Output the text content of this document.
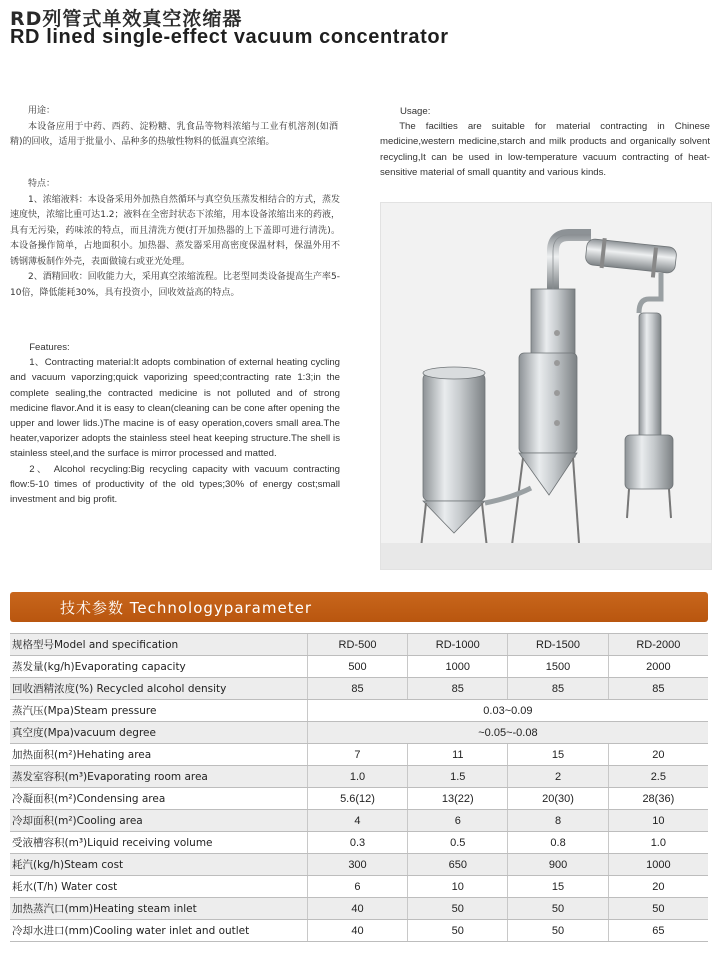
RD列管式单效真空浓缩器
RD lined single-effect vacuum concentrator

用途：

本设备应用于中药、西药、淀粉糖、乳食品等物料浓缩与工业有机溶剂(如酒精)的回收，适用于批量小、品种多的热敏性物料的低温真空浓缩。

特点：

1、浓缩液料：本设备采用外加热自然循环与真空负压蒸发相结合的方式，蒸发速度快，浓缩比重可达1.2；液料在全密封状态下浓缩，用本设备浓缩出来的药液，具有无污染，药味浓的特点，而且清洗方便(打开加热器的上下盖即可进行清洗)。本设备操作简单，占地面积小。加热器、蒸发器采用高密度保温材料，保温外用不锈钢薄板制作外壳，表面做镜右或亚光处理。

2、酒精回收：回收能力大，采用真空浓缩流程。比老型同类设备提高生产率5-10倍，降低能耗30%，具有投资小，回收效益高的特点。

Features:

1、Contracting material:It adopts combination of external heating cycling and vacuum vaporzing;quick vaporizing speed;contracting rate 1:3;in the complete sealing,the contracted medicine is not polluted and of strong medicine flavor.And it is easy to clean(cleaning can be cone after opening the upper and lower lids.)The macine is of easy operation,covers small area.The heater,vaporizer adopts the stainless steel heat keeping structure.The shell is stainless steel,and the surface is mirror processed and matted.

2、 Alcohol recycling:Big recycling capacity with vacuum contracting flow:5-10 times of productivity of the old types;30% of energy cost;small investment and big profit.

Usage:

The facilties are suitable for material contracting in Chinese medicine,western medicine,starch and milk products and organically solvent recycling,It can be used in low-temperature vacuum contracting of heat-sensitive material of small quantity and various kinds.

技术参数 Technologyparameter
规格型号Model and specification	RD-500	RD-1000	RD-1500	RD-2000
蒸发量(kg/h)Evaporating capacity	500	1000	1500	2000
回收酒精浓度(%) Recycled alcohol density	85	85	85	85
蒸汽压(Mpa)Steam pressure	0.03~0.09			
真空度(Mpa)vacuum degree	~0.05~-0.08			
加热面积(m²)Hehating area	7	11	15	20
蒸发室容积(m³)Evaporating room area	1.0	1.5	2	2.5
冷凝面积(m²)Condensing area	5.6(12)	13(22)	20(30)	28(36)
冷却面积(m²)Cooling area	4	6	8	10
受液槽容积(m³)Liquid receiving volume	0.3	0.5	0.8	1.0
耗汽(kg/h)Steam cost	300	650	900	1000
耗水(T/h) Water cost	6	10	15	20
加热蒸汽口(mm)Heating steam inlet	40	50	50	50
冷却水进口(mm)Cooling water inlet and outlet	40	50	50	65
